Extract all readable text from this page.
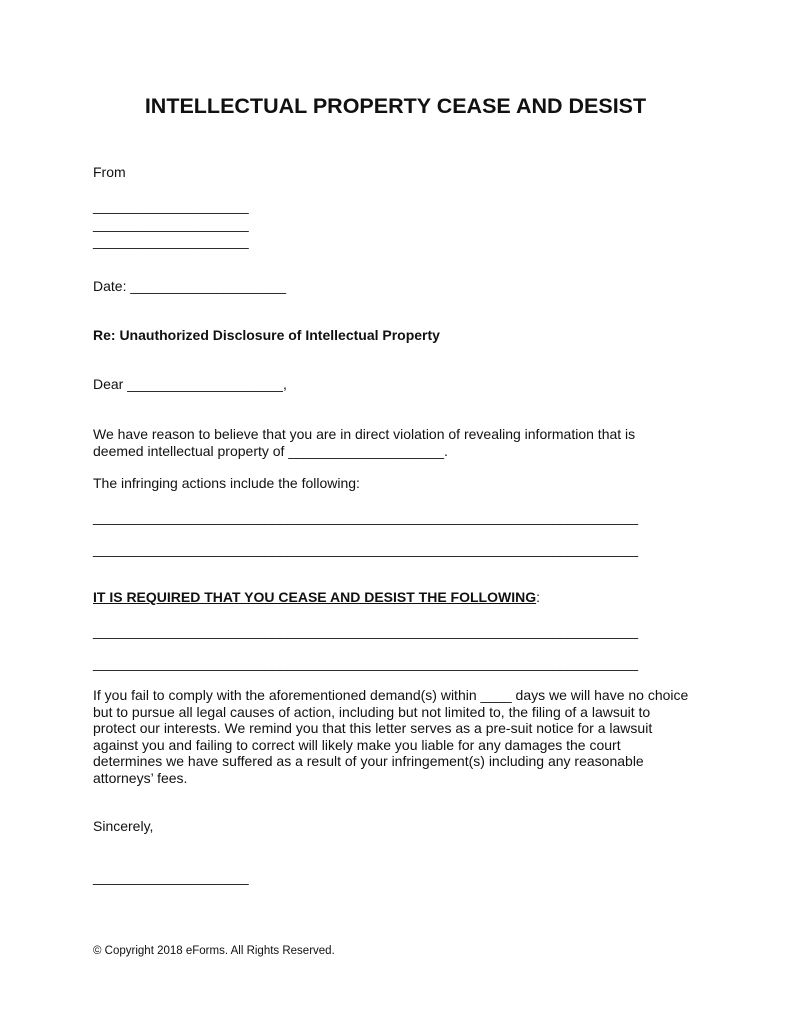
INTELLECTUAL PROPERTY CEASE AND DESIST
From
____________________
____________________
____________________
Date: ____________________
Re: Unauthorized Disclosure of Intellectual Property
Dear ____________________,
We have reason to believe that you are in direct violation of revealing information that is
deemed intellectual property of ____________________.
The infringing actions include the following:
______________________________________________________________________
______________________________________________________________________
IT IS REQUIRED THAT YOU CEASE AND DESIST THE FOLLOWING:
______________________________________________________________________
______________________________________________________________________
If you fail to comply with the aforementioned demand(s) within ____ days we will have no choice
but to pursue all legal causes of action, including but not limited to, the filing of a lawsuit to
protect our interests. We remind you that this letter serves as a pre-suit notice for a lawsuit
against you and failing to correct will likely make you liable for any damages the court
determines we have suffered as a result of your infringement(s) including any reasonable
attorneys’ fees.
Sincerely,
____________________
© Copyright 2018 eForms. All Rights Reserved.
